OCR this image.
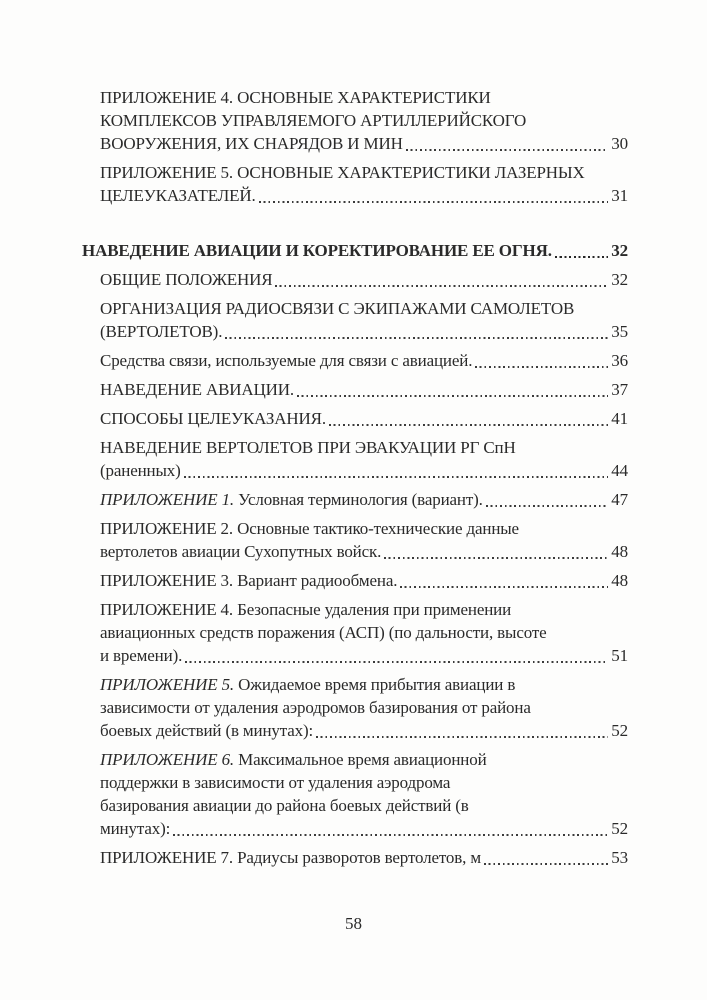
ПРИЛОЖЕНИЕ 4. ОСНОВНЫЕ ХАРАКТЕРИСТИКИ
КОМПЛЕКСОВ УПРАВЛЯЕМОГО АРТИЛЛЕРИЙСКОГО
ВООРУЖЕНИЯ, ИХ СНАРЯДОВ И МИН	30
ПРИЛОЖЕНИЕ 5. ОСНОВНЫЕ ХАРАКТЕРИСТИКИ ЛАЗЕРНЫХ
ЦЕЛЕУКАЗАТЕЛЕЙ.	31
НАВЕДЕНИЕ АВИАЦИИ И КОРЕКТИРОВАНИЕ ЕЕ ОГНЯ.	32
ОБЩИЕ ПОЛОЖЕНИЯ	32
ОРГАНИЗАЦИЯ РАДИОСВЯЗИ С ЭКИПАЖАМИ САМОЛЕТОВ
(ВЕРТОЛЕТОВ).	35
Средства связи, используемые для связи с авиацией.	36
НАВЕДЕНИЕ АВИАЦИИ.	37
СПОСОБЫ ЦЕЛЕУКАЗАНИЯ.	41
НАВЕДЕНИЕ ВЕРТОЛЕТОВ ПРИ ЭВАКУАЦИИ РГ СпН
(раненных)	44
ПРИЛОЖЕНИЕ 1. Условная терминология (вариант).	47
ПРИЛОЖЕНИЕ 2. Основные тактико-технические данные
вертолетов авиации Сухопутных войск.	48
ПРИЛОЖЕНИЕ 3. Вариант радиообмена.	48
ПРИЛОЖЕНИЕ 4. Безопасные удаления при применении
авиационных средств поражения (АСП) (по дальности, высоте
и времени).	51
ПРИЛОЖЕНИЕ 5. Ожидаемое время прибытия авиации в
зависимости от удаления аэродромов базирования от района
боевых действий (в минутах):	52
ПРИЛОЖЕНИЕ 6. Максимальное время авиационной
поддержки в зависимости от удаления аэродрома
базирования авиации до района боевых действий (в
минутах):	52
ПРИЛОЖЕНИЕ 7. Радиусы разворотов вертолетов, м	53
58
